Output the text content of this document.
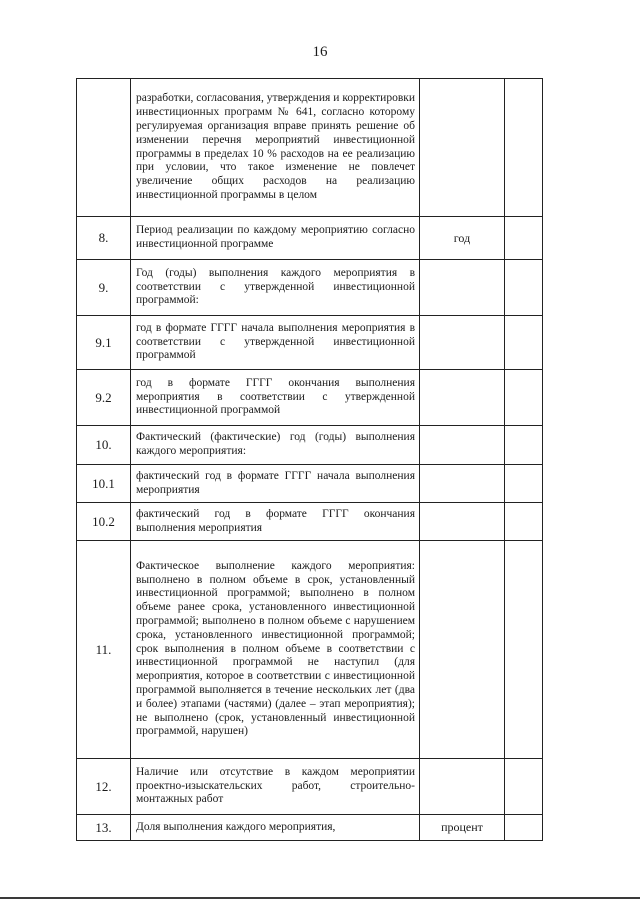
16

	разработки, согласования, утверждения и корректировки инвестиционных программ № 641, согласно которому регулируемая организация вправе принять решение об изменении перечня мероприятий инвестиционной программы в пределах 10 % расходов на ее реализацию при условии, что такое изменение не повлечет увеличение общих расходов на реализацию инвестиционной программы в целом		

8.	Период реализации по каждому мероприятию согласно инвестиционной программе	год	
9.	Год (годы) выполнения каждого мероприятия в соответствии с утвержденной инвестиционной программой:		

9.1	год в формате ГГГГ начала выполнения мероприятия в соответствии с утвержденной инвестиционной программой		

9.2	год в формате ГГГГ окончания выполнения мероприятия в соответствии с утвержденной инвестиционной программой		

10.	Фактический (фактические) год (годы) выполнения каждого мероприятия:		

10.1	фактический год в формате ГГГГ начала выполнения мероприятия		

10.2	фактический год в формате ГГГГ окончания выполнения мероприятия		

11.	Фактическое выполнение каждого мероприятия: выполнено в полном объеме в срок, установленный инвестиционной программой; выполнено в полном объеме ранее срока, установленного инвестиционной программой; выполнено в полном объеме с нарушением срока, установленного инвестиционной программой; срок выполнения в полном объеме в соответствии с инвестиционной программой не наступил (для мероприятия, которое в соответствии с инвестиционной программой выполняется в течение нескольких лет (два и более) этапами (частями) (далее – этап мероприятия); не выполнено (срок, установленный инвестиционной программой, нарушен)		

12.	Наличие или отсутствие в каждом мероприятии проектно-изыскательских работ, строительно-монтажных работ		

13.	Доля выполнения каждого мероприятия,	процент	
